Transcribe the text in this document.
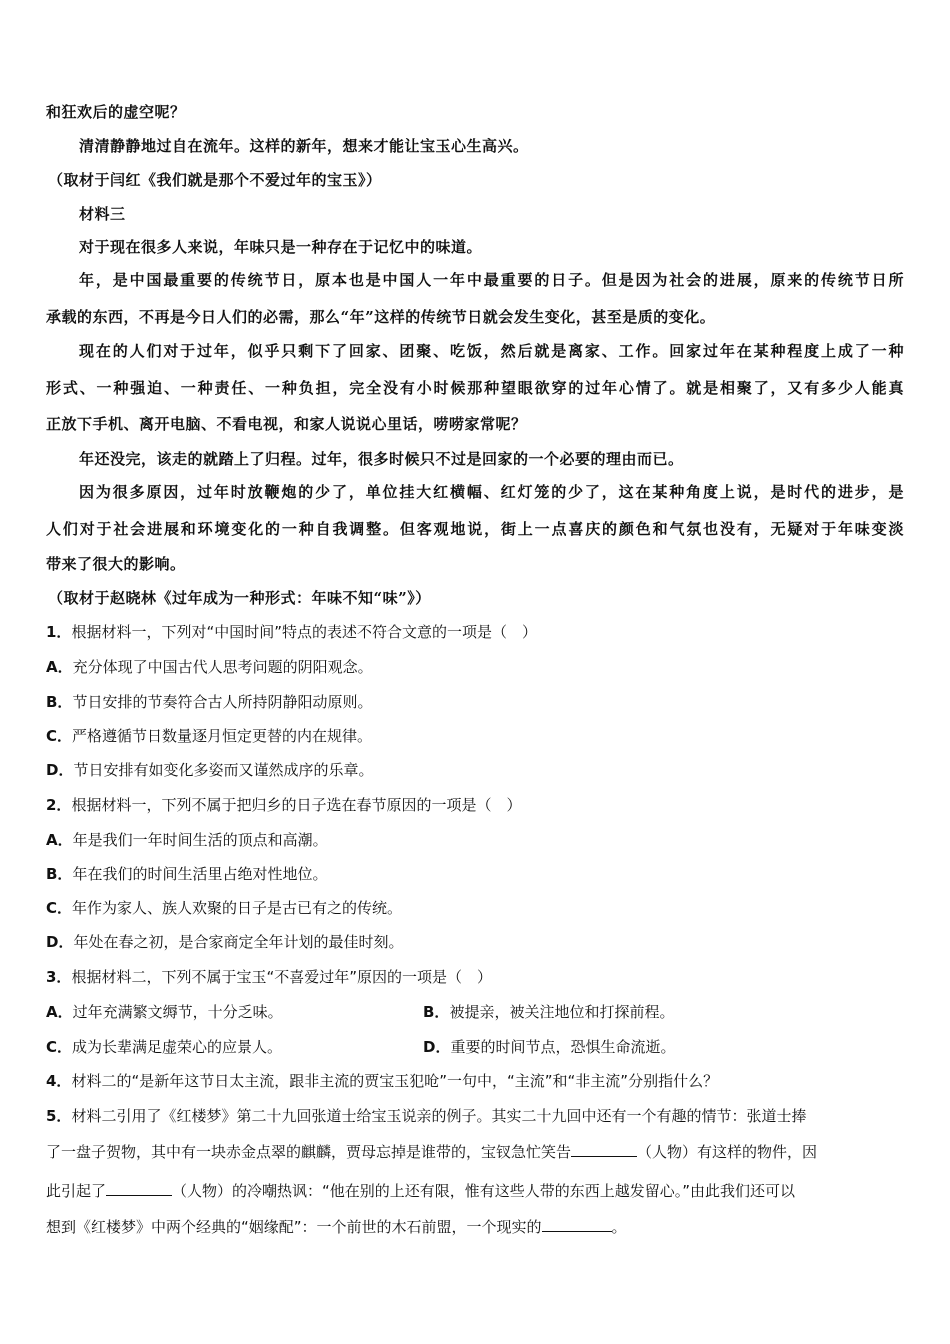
和狂欢后的虚空呢？
清清静静地过自在流年。这样的新年，想来才能让宝玉心生高兴。
（取材于闫红《我们就是那个不爱过年的宝玉》）
材料三
对于现在很多人来说，年味只是一种存在于记忆中的味道。
年，是中国最重要的传统节日，原本也是中国人一年中最重要的日子。但是因为社会的进展，原来的传统节日所
承载的东西，不再是今日人们的必需，那么“年”这样的传统节日就会发生变化，甚至是质的变化。
现在的人们对于过年，似乎只剩下了回家、团聚、吃饭，然后就是离家、工作。回家过年在某种程度上成了一种
形式、一种强迫、一种责任、一种负担，完全没有小时候那种望眼欲穿的过年心情了。就是相聚了，又有多少人能真
正放下手机、离开电脑、不看电视，和家人说说心里话，唠唠家常呢？
年还没完，该走的就踏上了归程。过年，很多时候只不过是回家的一个必要的理由而已。
因为很多原因，过年时放鞭炮的少了，单位挂大红横幅、红灯笼的少了，这在某种角度上说，是时代的进步，是
人们对于社会进展和环境变化的一种自我调整。但客观地说，街上一点喜庆的颜色和气氛也没有，无疑对于年味变淡
带来了很大的影响。
（取材于赵晓林《过年成为一种形式：年味不知“味”》）
1．根据材料一，下列对“中国时间”特点的表述不符合文意的一项是（　）
A．充分体现了中国古代人思考问题的阴阳观念。
B．节日安排的节奏符合古人所持阴静阳动原则。
C．严格遵循节日数量逐月恒定更替的内在规律。
D．节日安排有如变化多姿而又谨然成序的乐章。
2．根据材料一，下列不属于把归乡的日子选在春节原因的一项是（　）
A．年是我们一年时间生活的顶点和高潮。
B．年在我们的时间生活里占绝对性地位。
C．年作为家人、族人欢聚的日子是古已有之的传统。
D．年处在春之初，是合家商定全年计划的最佳时刻。
3．根据材料二，下列不属于宝玉“不喜爱过年”原因的一项是（　）
A．过年充满繁文缛节，十分乏味。	B．被提亲，被关注地位和打探前程。
C．成为长辈满足虚荣心的应景人。	D．重要的时间节点，恐惧生命流逝。
4．材料二的“是新年这节日太主流，跟非主流的贾宝玉犯呛”一句中，“主流”和“非主流”分别指什么？
5．材料二引用了《红楼梦》第二十九回张道士给宝玉说亲的例子。其实二十九回中还有一个有趣的情节：张道士捧
了一盘子贺物，其中有一块赤金点翠的麒麟，贾母忘掉是谁带的，宝钗急忙笑告	（人物）有这样的物件，因
此引起了	（人物）的冷嘲热讽：“他在别的上还有限，惟有这些人带的东西上越发留心。”由此我们还可以
想到《红楼梦》中两个经典的“姻缘配”：一个前世的木石前盟，一个现实的	。
